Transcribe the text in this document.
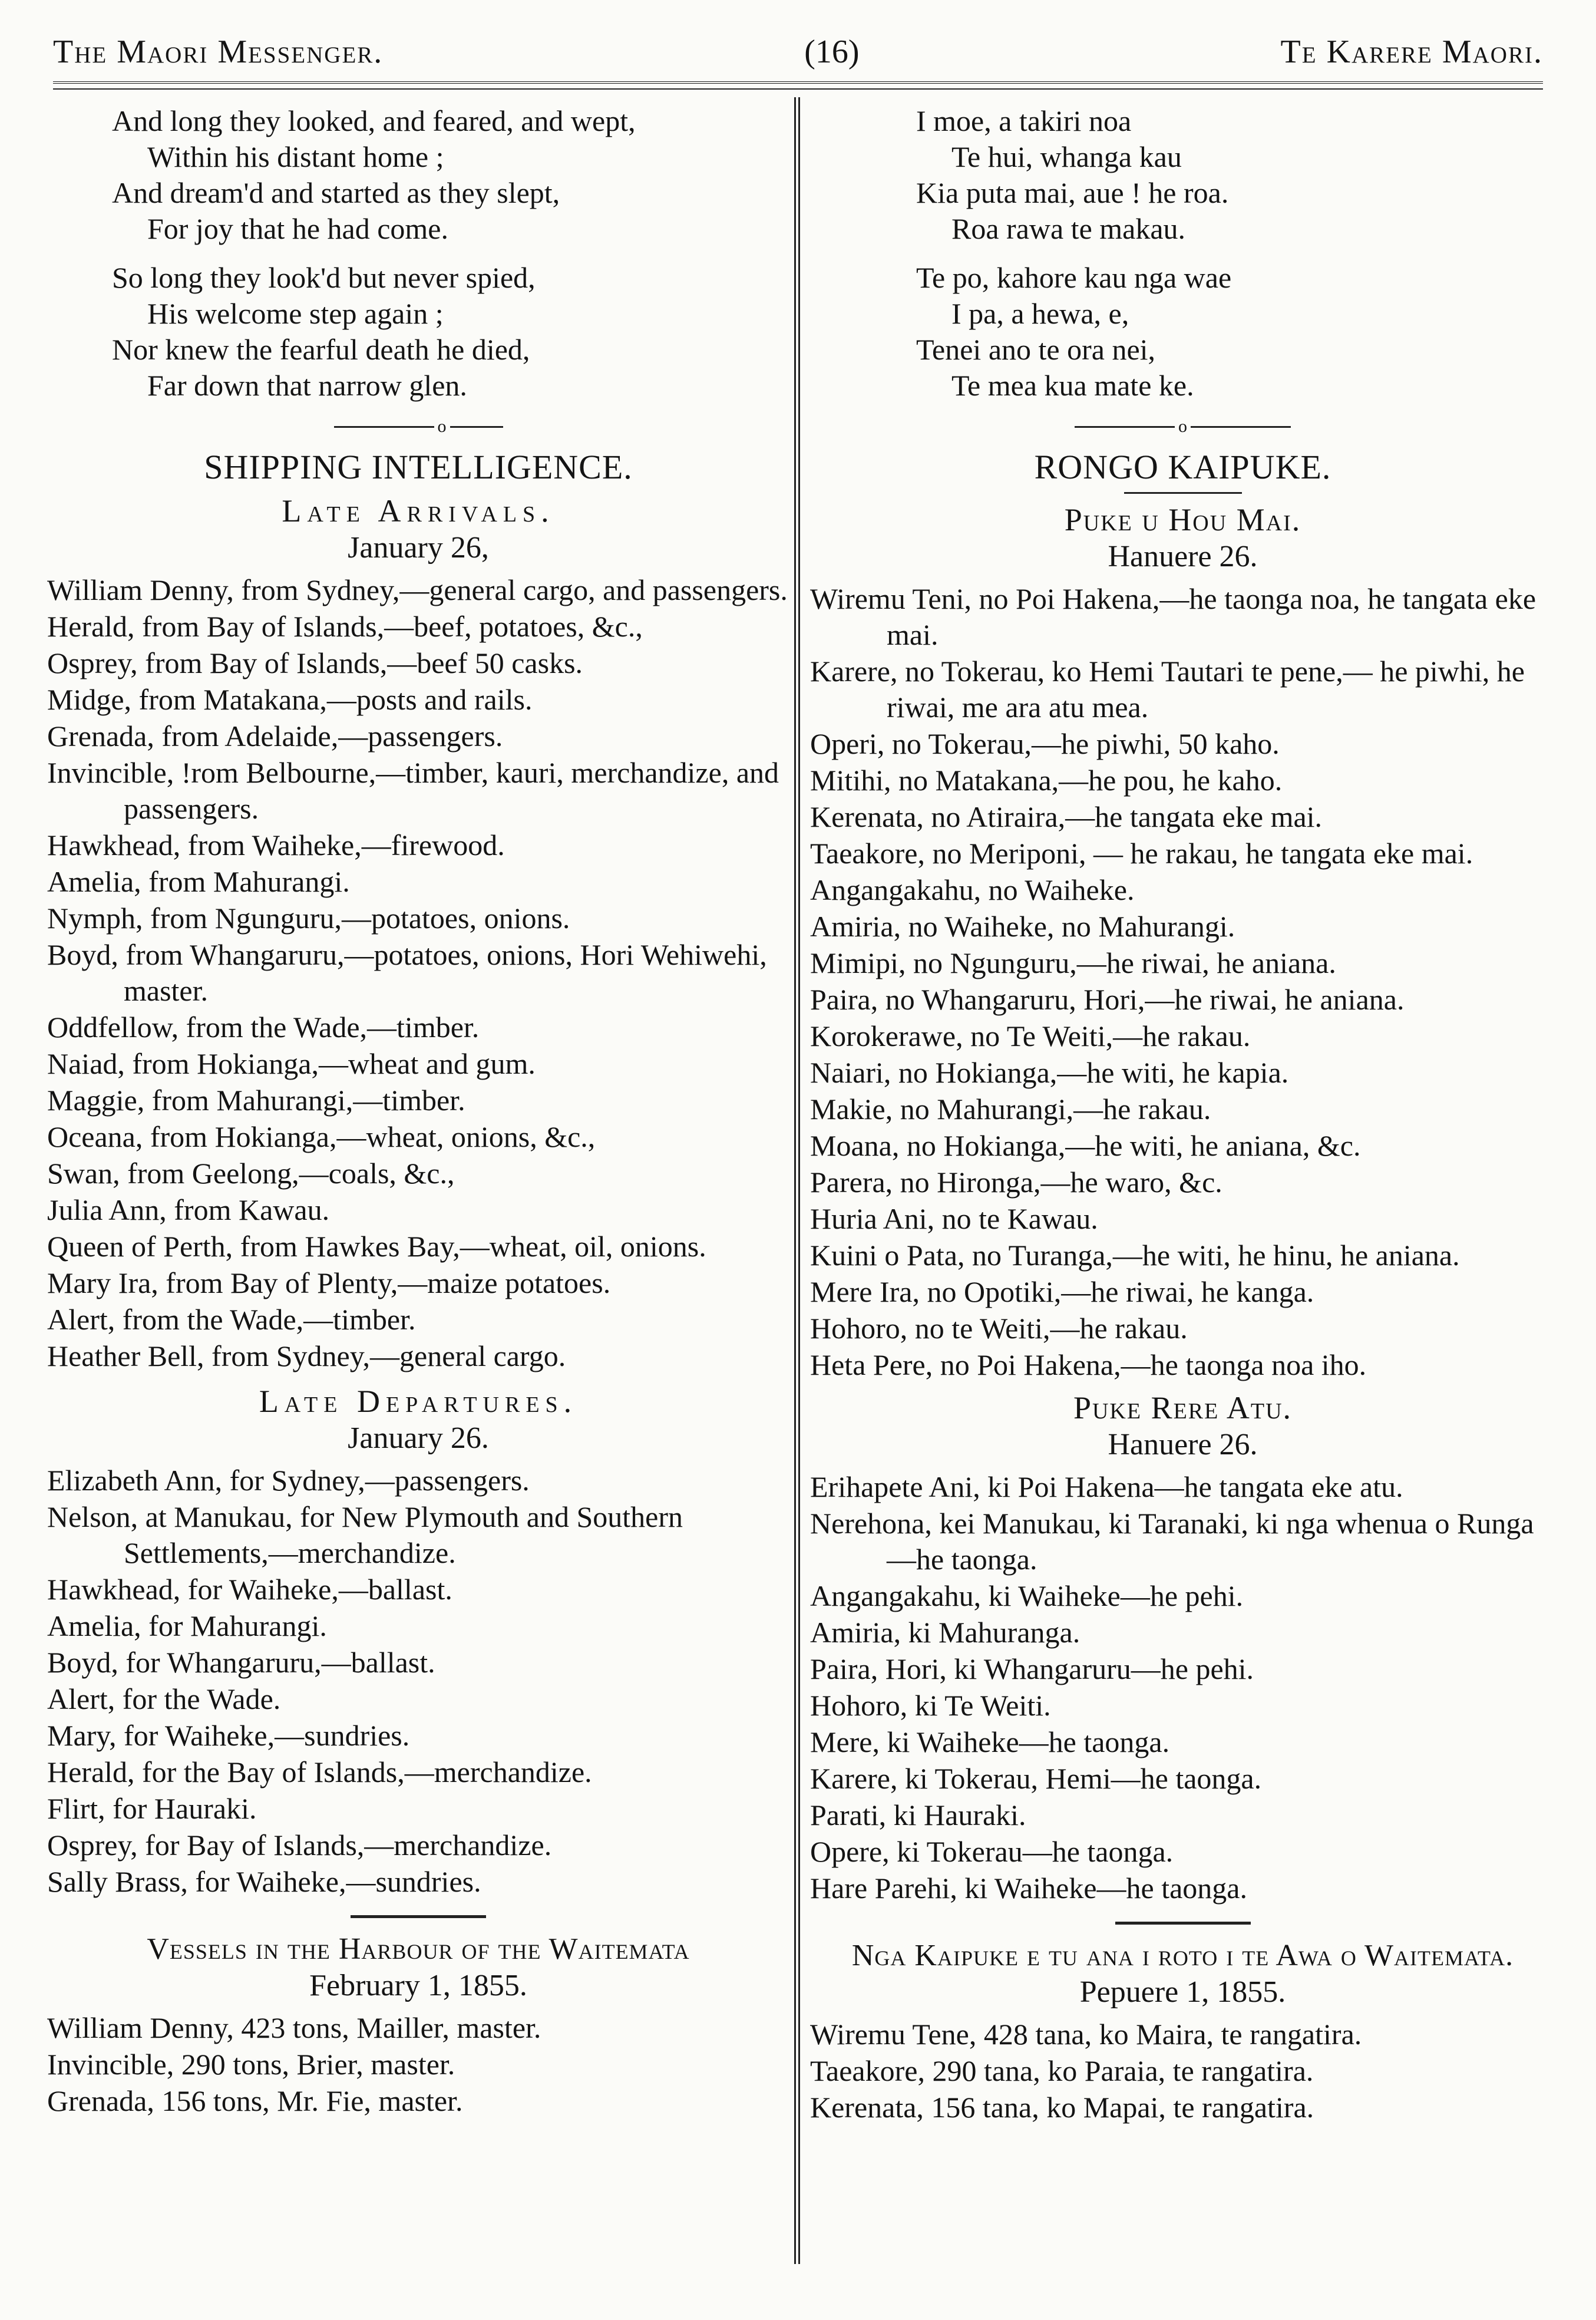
The Maori Messenger.	(16)	Te Karere Maori.
And long they looked, and feared, and wept,
Within his distant home ;
And dream'd and started as they slept,
For joy that he had come.
So long they look'd but never spied,
His welcome step again ;
Nor knew the fearful death he died,
Far down that narrow glen.
o
SHIPPING INTELLIGENCE.
Late Arrivals.
January 26,
William Denny, from Sydney,—general cargo, and passengers.
Herald, from Bay of Islands,—beef, potatoes, &c.,
Osprey, from Bay of Islands,—beef 50 casks.
Midge, from Matakana,—posts and rails.
Grenada, from Adelaide,—passengers.
Invincible, !rom Belbourne,—timber, kauri, merchandize, and passengers.
Hawkhead, from Waiheke,—firewood.
Amelia, from Mahurangi.
Nymph, from Ngunguru,—potatoes, onions.
Boyd, from Whangaruru,—potatoes, onions, Hori Wehiwehi, master.
Oddfellow, from the Wade,—timber.
Naiad, from Hokianga,—wheat and gum.
Maggie, from Mahurangi,—timber.
Oceana, from Hokianga,—wheat, onions, &c.,
Swan, from Geelong,—coals, &c.,
Julia Ann, from Kawau.
Queen of Perth, from Hawkes Bay,—wheat, oil, onions.
Mary Ira, from Bay of Plenty,—maize potatoes.
Alert, from the Wade,—timber.
Heather Bell, from Sydney,—general cargo.
Late Departures.
January 26.
Elizabeth Ann, for Sydney,—passengers.
Nelson, at Manukau, for New Plymouth and Southern Settlements,—merchandize.
Hawkhead, for Waiheke,—ballast.
Amelia, for Mahurangi.
Boyd, for Whangaruru,—ballast.
Alert, for the Wade.
Mary, for Waiheke,—sundries.
Herald, for the Bay of Islands,—merchandize.
Flirt, for Hauraki.
Osprey, for Bay of Islands,—merchandize.
Sally Brass, for Waiheke,—sundries.
Vessels in the Harbour of the Waitemata
February 1, 1855.
William Denny, 423 tons, Mailler, master.
Invincible, 290 tons, Brier, master.
Grenada, 156 tons, Mr. Fie, master.
I moe, a takiri noa
Te hui, whanga kau
Kia puta mai, aue ! he roa.
Roa rawa te makau.
Te po, kahore kau nga wae
I pa, a hewa, e,
Tenei ano te ora nei,
Te mea kua mate ke.
o
RONGO KAIPUKE.
Puke u Hou Mai.
Hanuere 26.
Wiremu Teni, no Poi Hakena,—he taonga noa, he tangata eke mai.
Karere, no Tokerau, ko Hemi Tautari te pene,— he piwhi, he riwai, me ara atu mea.
Operi, no Tokerau,—he piwhi, 50 kaho.
Mitihi, no Matakana,—he pou, he kaho.
Kerenata, no Atiraira,—he tangata eke mai.
Taeakore, no Meriponi, — he rakau, he tangata eke mai.
Angangakahu, no Waiheke.
Amiria, no Waiheke, no Mahurangi.
Mimipi, no Ngunguru,—he riwai, he aniana.
Paira, no Whangaruru, Hori,—he riwai, he aniana.
Korokerawe, no Te Weiti,—he rakau.
Naiari, no Hokianga,—he witi, he kapia.
Makie, no Mahurangi,—he rakau.
Moana, no Hokianga,—he witi, he aniana, &c.
Parera, no Hironga,—he waro, &c.
Huria Ani, no te Kawau.
Kuini o Pata, no Turanga,—he witi, he hinu, he aniana.
Mere Ira, no Opotiki,—he riwai, he kanga.
Hohoro, no te Weiti,—he rakau.
Heta Pere, no Poi Hakena,—he taonga noa iho.
Puke Rere Atu.
Hanuere 26.
Erihapete Ani, ki Poi Hakena—he tangata eke atu.
Nerehona, kei Manukau, ki Taranaki, ki nga whenua o Runga—he taonga.
Angangakahu, ki Waiheke—he pehi.
Amiria, ki Mahuranga.
Paira, Hori, ki Whangaruru—he pehi.
Hohoro, ki Te Weiti.
Mere, ki Waiheke—he taonga.
Karere, ki Tokerau, Hemi—he taonga.
Parati, ki Hauraki.
Opere, ki Tokerau—he taonga.
Hare Parehi, ki Waiheke—he taonga.
Nga Kaipuke e tu ana i roto i te Awa o Waitemata.
Pepuere 1, 1855.
Wiremu Tene, 428 tana, ko Maira, te rangatira.
Taeakore, 290 tana, ko Paraia, te rangatira.
Kerenata, 156 tana, ko Mapai, te rangatira.
